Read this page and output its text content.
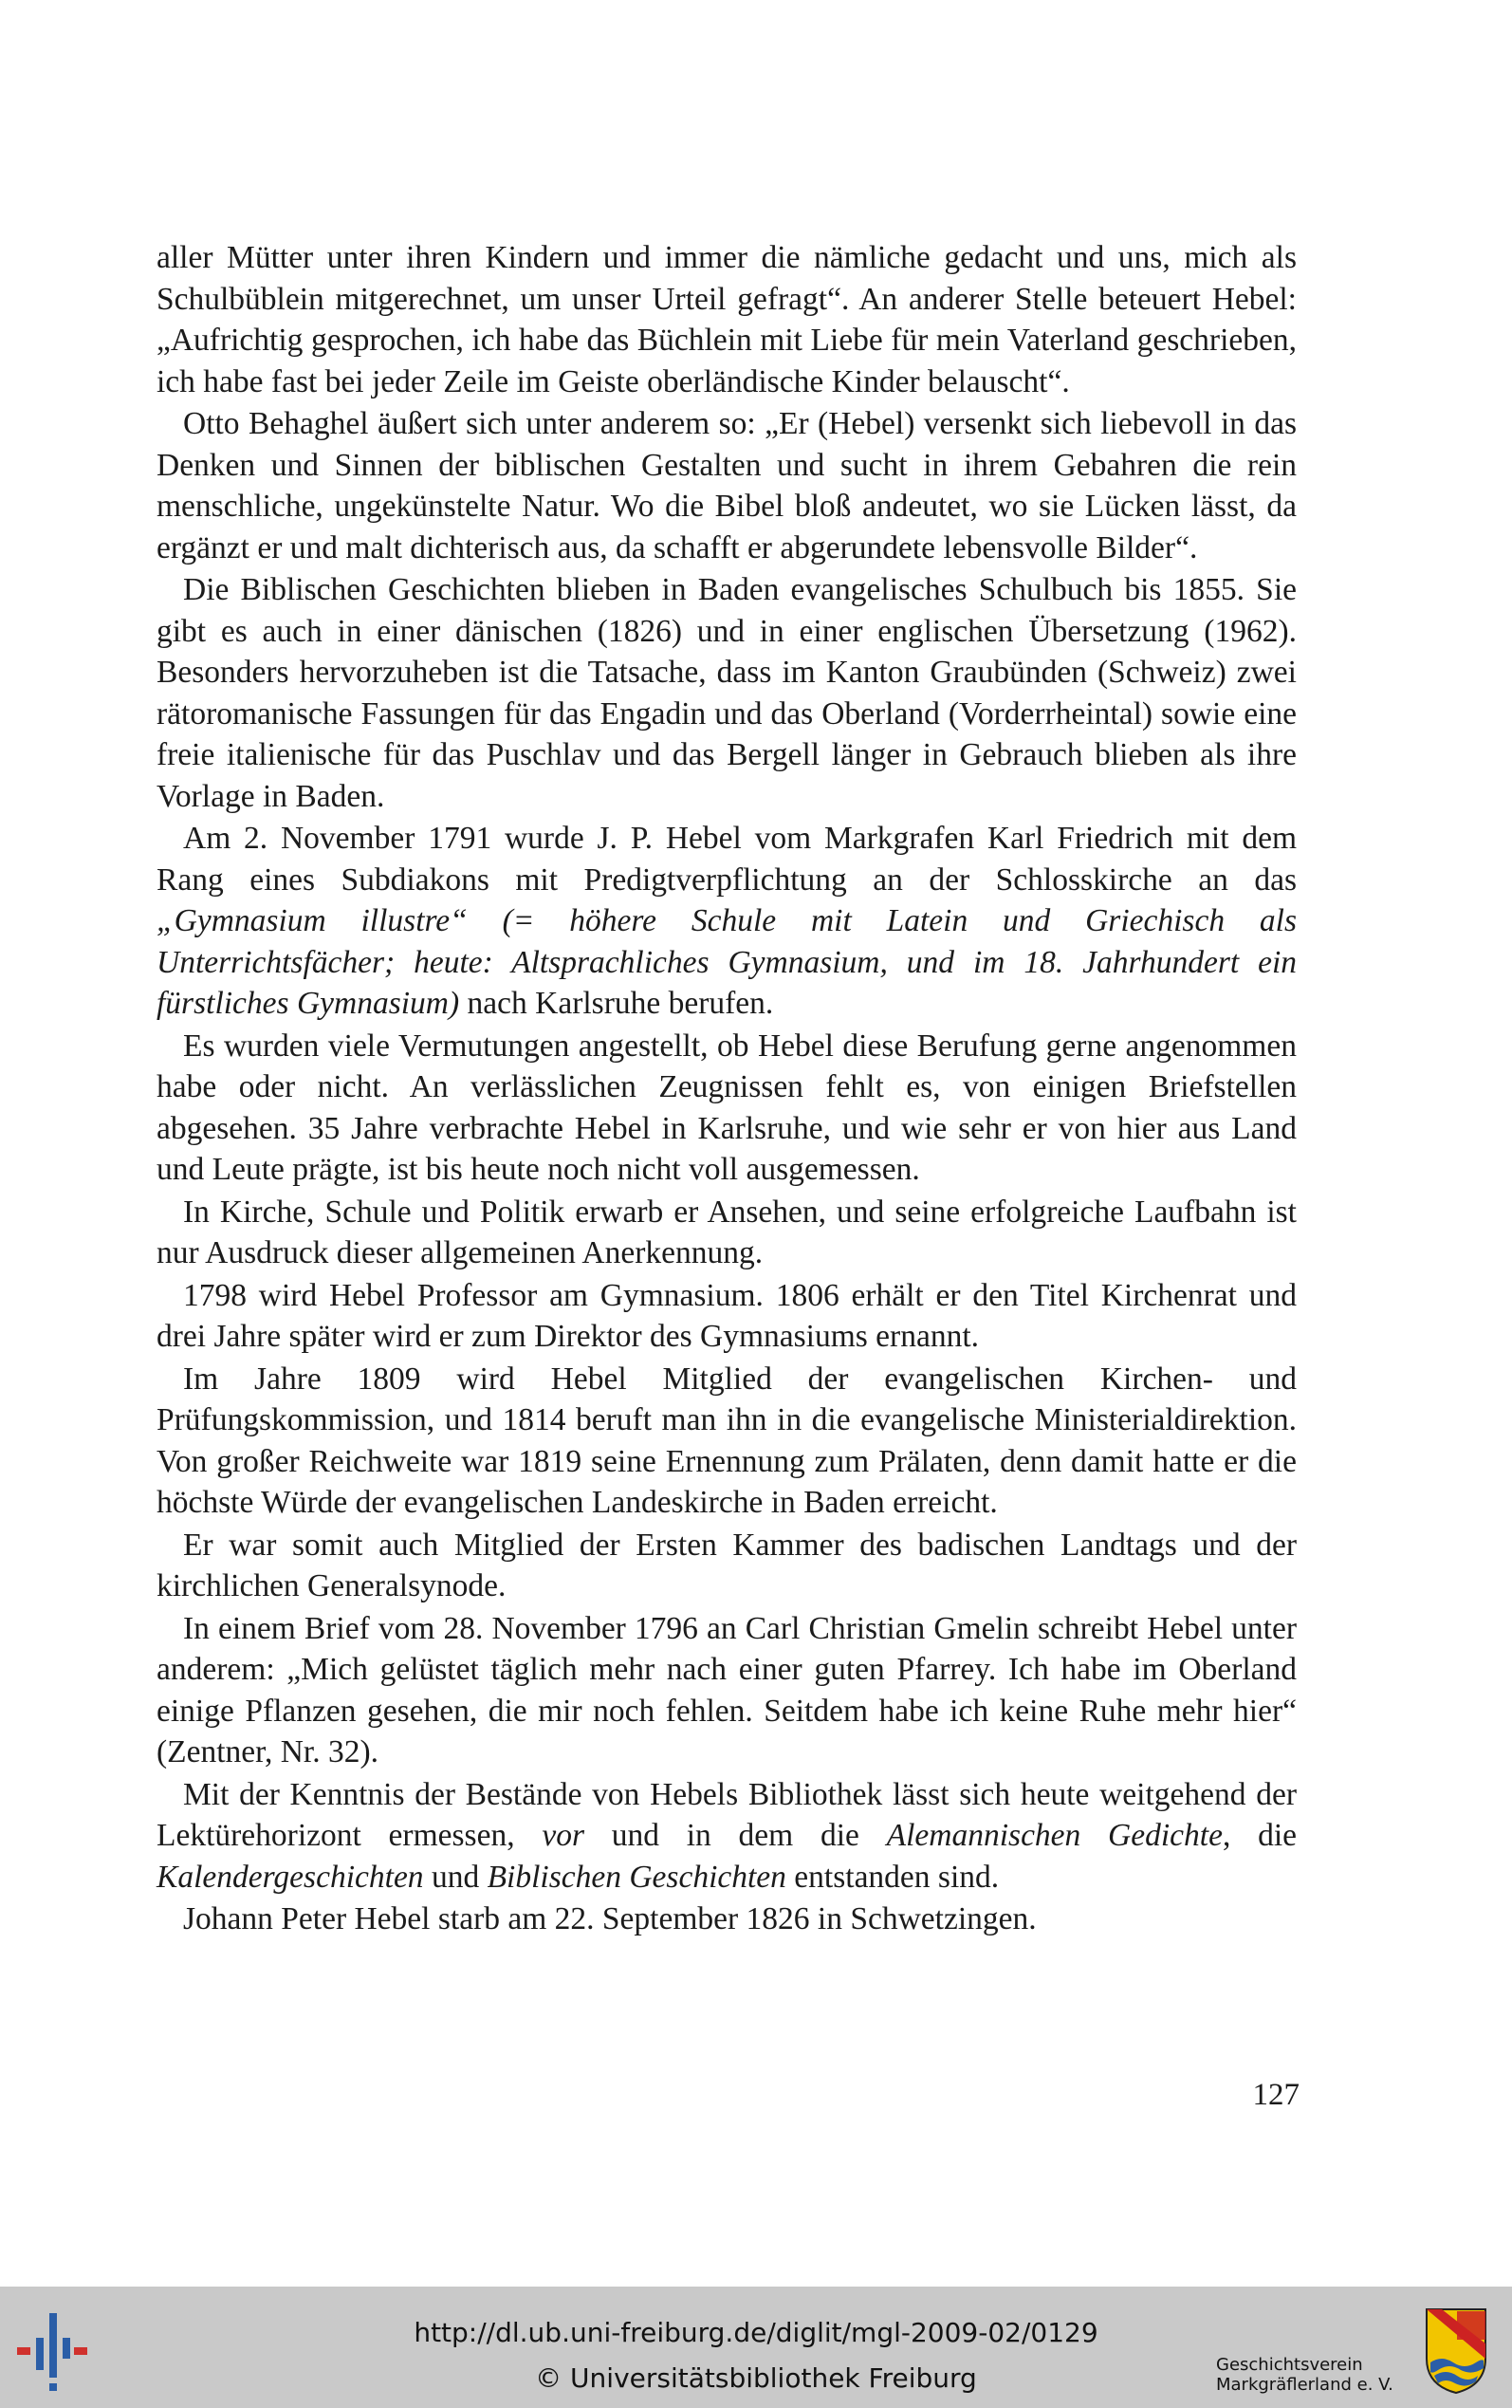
aller Mütter unter ihren Kindern und immer die nämliche gedacht und uns, mich als Schulbüblein mitgerechnet, um unser Urteil gefragt“. An anderer Stelle beteuert Hebel: „Aufrichtig gesprochen, ich habe das Büchlein mit Liebe für mein Vaterland geschrieben, ich habe fast bei jeder Zeile im Geiste oberländische Kinder belauscht“.

Otto Behaghel äußert sich unter anderem so: „Er (Hebel) versenkt sich liebevoll in das Denken und Sinnen der biblischen Gestalten und sucht in ihrem Gebahren die rein menschliche, ungekünstelte Natur. Wo die Bibel bloß andeutet, wo sie Lücken lässt, da ergänzt er und malt dichterisch aus, da schafft er abgerundete lebensvolle Bilder“.

Die Biblischen Geschichten blieben in Baden evangelisches Schulbuch bis 1855. Sie gibt es auch in einer dänischen (1826) und in einer englischen Übersetzung (1962). Besonders hervorzuheben ist die Tatsache, dass im Kanton Graubünden (Schweiz) zwei rätoromanische Fassungen für das Engadin und das Oberland (Vorderrheintal) sowie eine freie italienische für das Puschlav und das Bergell länger in Gebrauch blieben als ihre Vorlage in Baden.

Am 2. November 1791 wurde J. P. Hebel vom Markgrafen Karl Friedrich mit dem Rang eines Subdiakons mit Predigtverpflichtung an der Schlosskirche an das „Gymnasium illustre“ (= höhere Schule mit Latein und Griechisch als Unterrichtsfächer; heute: Altsprachliches Gymnasium, und im 18. Jahrhundert ein fürstliches Gymnasium) nach Karlsruhe berufen.

Es wurden viele Vermutungen angestellt, ob Hebel diese Berufung gerne angenommen habe oder nicht. An verlässlichen Zeugnissen fehlt es, von einigen Briefstellen abgesehen. 35 Jahre verbrachte Hebel in Karlsruhe, und wie sehr er von hier aus Land und Leute prägte, ist bis heute noch nicht voll ausgemessen.

In Kirche, Schule und Politik erwarb er Ansehen, und seine erfolgreiche Laufbahn ist nur Ausdruck dieser allgemeinen Anerkennung.

1798 wird Hebel Professor am Gymnasium. 1806 erhält er den Titel Kirchenrat und drei Jahre später wird er zum Direktor des Gymnasiums ernannt.

Im Jahre 1809 wird Hebel Mitglied der evangelischen Kirchen- und Prüfungskommission, und 1814 beruft man ihn in die evangelische Ministerialdirektion. Von großer Reichweite war 1819 seine Ernennung zum Prälaten, denn damit hatte er die höchste Würde der evangelischen Landeskirche in Baden erreicht.

Er war somit auch Mitglied der Ersten Kammer des badischen Landtags und der kirchlichen Generalsynode.

In einem Brief vom 28. November 1796 an Carl Christian Gmelin schreibt Hebel unter anderem: „Mich gelüstet täglich mehr nach einer guten Pfarrey. Ich habe im Oberland einige Pflanzen gesehen, die mir noch fehlen. Seitdem habe ich keine Ruhe mehr hier“ (Zentner, Nr. 32).

Mit der Kenntnis der Bestände von Hebels Bibliothek lässt sich heute weitgehend der Lektürehorizont ermessen, vor und in dem die Alemannischen Gedichte, die Kalendergeschichten und Biblischen Geschichten entstanden sind.

Johann Peter Hebel starb am 22. September 1826 in Schwetzingen.

127
http://dl.ub.uni-freiburg.de/diglit/mgl-2009-02/0129
© Universitätsbibliothek Freiburg	Geschichtsverein
Markgräflerland e. V.
